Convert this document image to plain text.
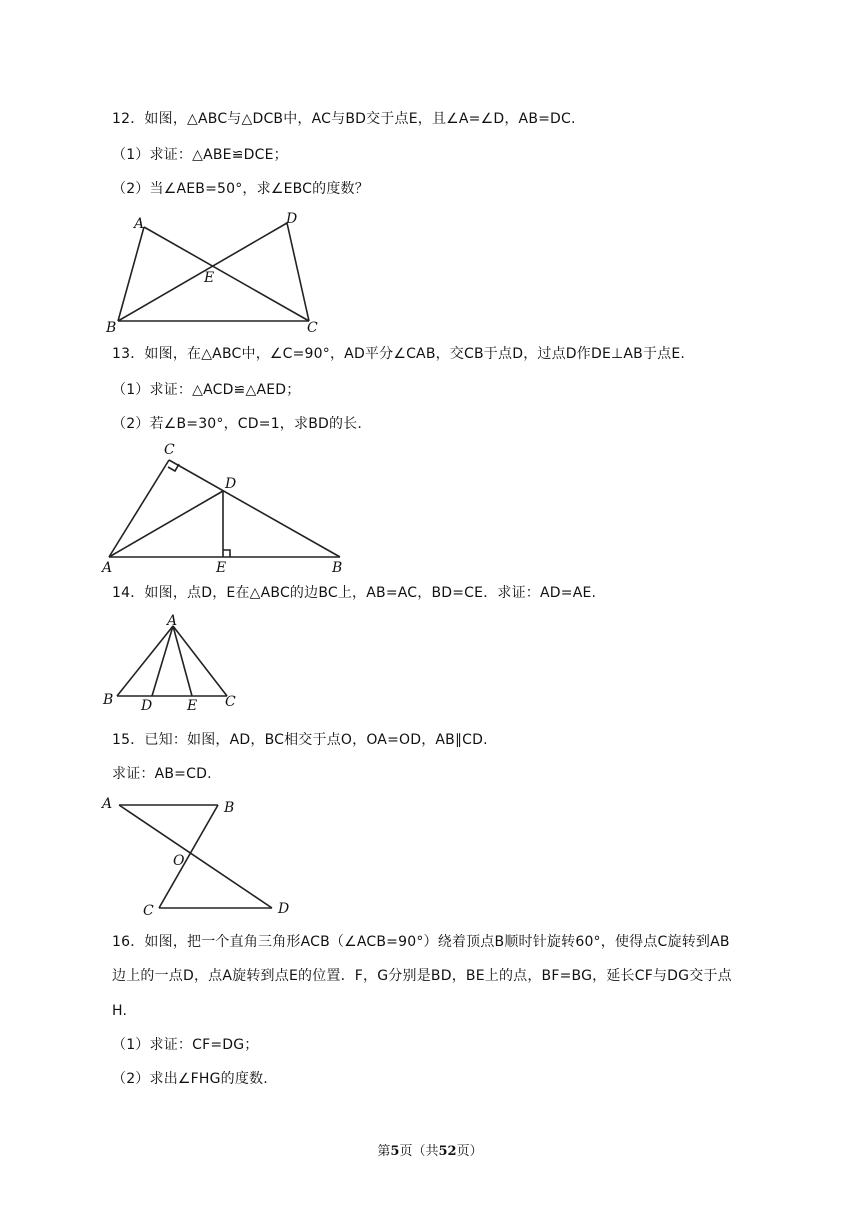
12．如图，△ABC与△DCB中，AC与BD交于点E，且∠A=∠D，AB=DC.
（1）求证：△ABE≌DCE；
（2）当∠AEB=50°，求∠EBC的度数？
A
B	C
D
E
13．如图，在△ABC中，∠C=90°，AD平分∠CAB，交CB于点D，过点D作DE⊥AB于点E.
（1）求证：△ACD≌△AED；
（2）若∠B=30°，CD=1，求BD的长.
C
D
A	E	B
14．如图，点D，E在△ABC的边BC上，AB=AC，BD=CE．求证：AD=AE.
A
B D E C
15．已知：如图，AD，BC相交于点O，OA=OD，AB∥CD.
求证：AB=CD.
A	B
O
C	D
16．如图，把一个直角三角形ACB（∠ACB=90°）绕着顶点B顺时针旋转60°，使得点C旋转到AB
边上的一点D，点A旋转到点E的位置．F，G分别是BD，BE上的点，BF=BG，延长CF与DG交于点
H.
（1）求证：CF=DG；
（2）求出∠FHG的度数.
第5页（共52页）
